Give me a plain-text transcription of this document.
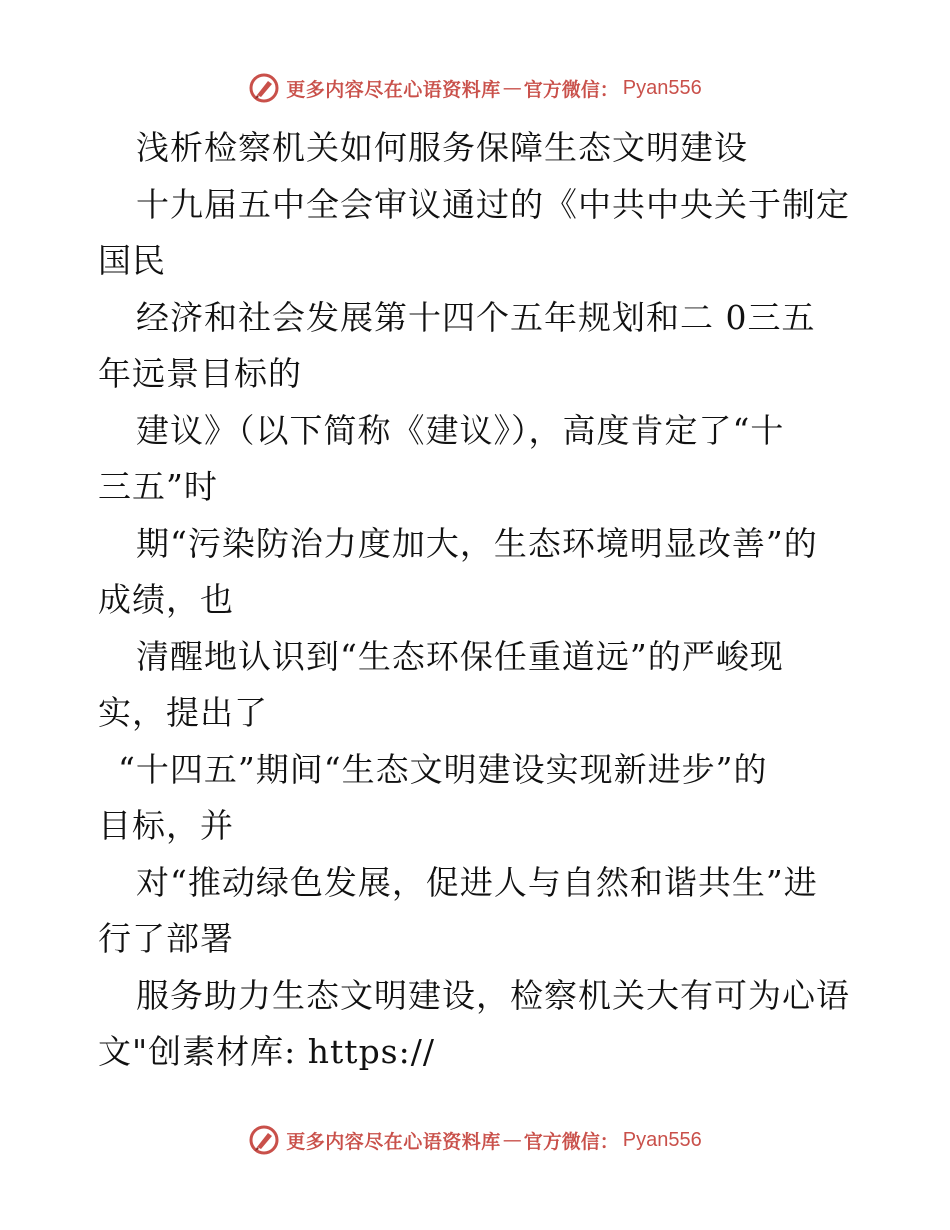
更多内容尽在心语资料库 — 官方微信： Pyan556
浅析检察机关如何服务保障生态文明建设
十九届五中全会审议通过的《中共中央关于制定
国民
经济和社会发展第十四个五年规划和二 0三五
年远景目标的
建议》（以下简称《建议》），高度肯定了“十
三五”时
期“污染防治力度加大，生态环境明显改善”的
成绩，也
清醒地认识到“生态环保任重道远”的严峻现
实，提出了
“十四五”期间“生态文明建设实现新进步”的
目标，并
对“推动绿色发展，促进人与自然和谐共生”进
行了部署
服务助力生态文明建设，检察机关大有可为心语
文"创素材库: https://
更多内容尽在心语资料库 — 官方微信： Pyan556
